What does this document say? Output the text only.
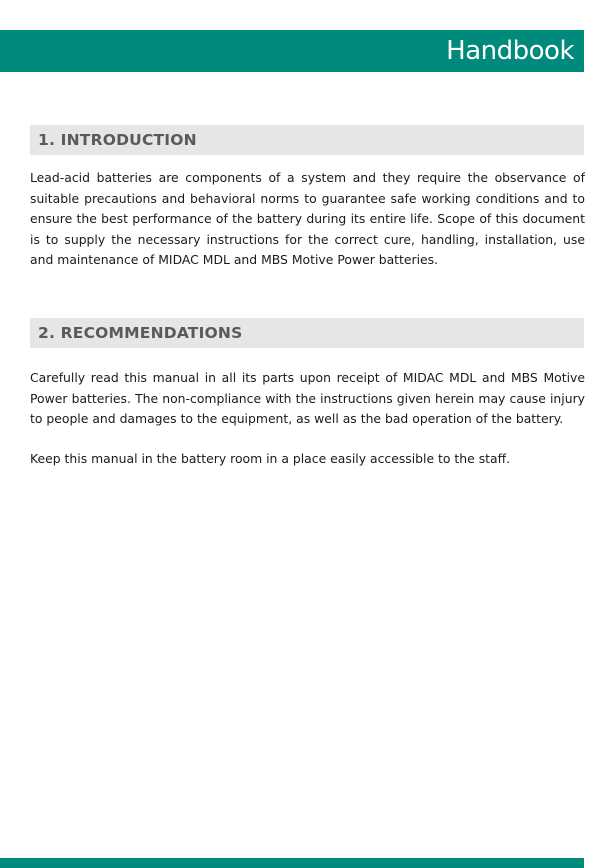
Handbook
1. INTRODUCTION

Lead-acid batteries are components of a system and they require the observance of suitable precautions and behavioral norms to guarantee safe working conditions and to ensure the best performance of the battery during its entire life. Scope of this document is to supply the necessary instructions for the correct cure, handling, installation, use and maintenance of MIDAC MDL and MBS Motive Power batteries.

2. RECOMMENDATIONS

Carefully read this manual in all its parts upon receipt of MIDAC MDL and MBS Motive Power batteries. The non-compliance with the instructions given herein may cause injury to people and damages to the equipment, as well as the bad operation of the battery.

Keep this manual in the battery room in a place easily accessible to the staff.
